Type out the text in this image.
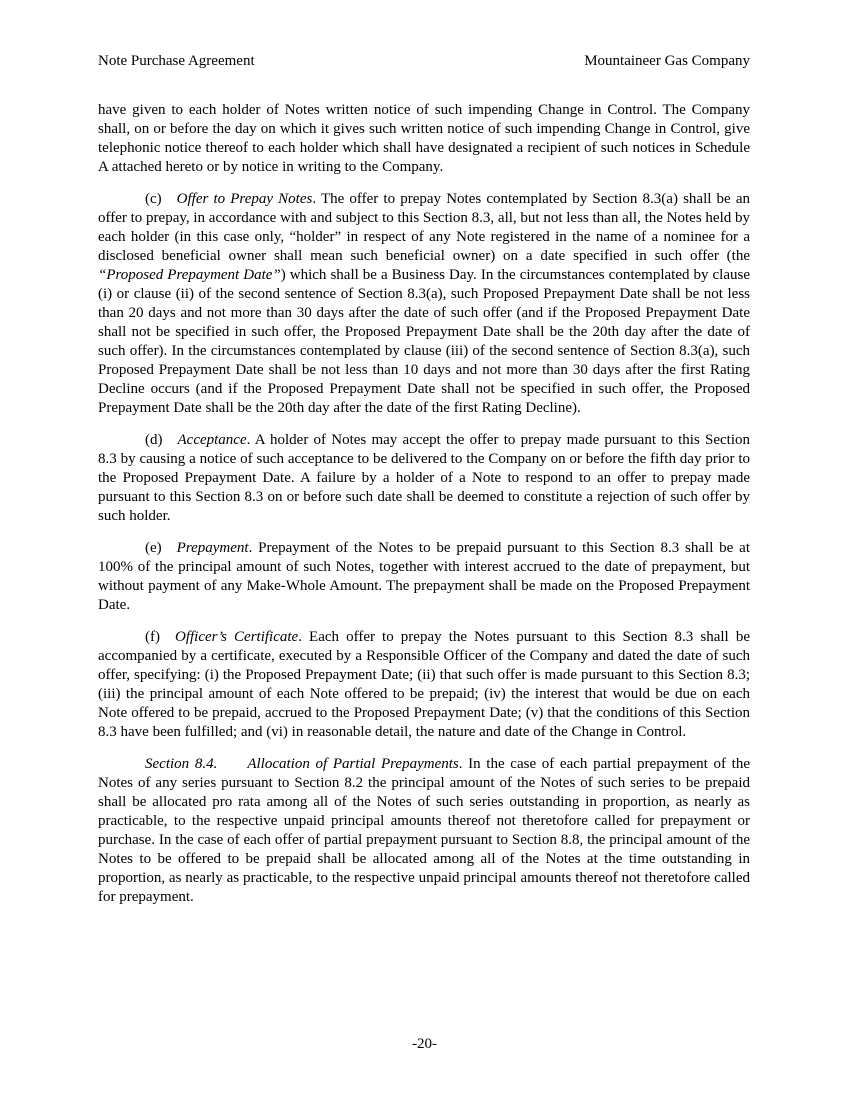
Note Purchase Agreement	Mountaineer Gas Company

have given to each holder of Notes written notice of such impending Change in Control. The Company shall, on or before the day on which it gives such written notice of such impending Change in Control, give telephonic notice thereof to each holder which shall have designated a recipient of such notices in Schedule A attached hereto or by notice in writing to the Company.

(c) Offer to Prepay Notes. The offer to prepay Notes contemplated by Section 8.3(a) shall be an offer to prepay, in accordance with and subject to this Section 8.3, all, but not less than all, the Notes held by each holder (in this case only, “holder” in respect of any Note registered in the name of a nominee for a disclosed beneficial owner shall mean such beneficial owner) on a date specified in such offer (the “Proposed Prepayment Date”) which shall be a Business Day. In the circumstances contemplated by clause (i) or clause (ii) of the second sentence of Section 8.3(a), such Proposed Prepayment Date shall be not less than 20 days and not more than 30 days after the date of such offer (and if the Proposed Prepayment Date shall not be specified in such offer, the Proposed Prepayment Date shall be the 20th day after the date of such offer). In the circumstances contemplated by clause (iii) of the second sentence of Section 8.3(a), such Proposed Prepayment Date shall be not less than 10 days and not more than 30 days after the first Rating Decline occurs (and if the Proposed Prepayment Date shall not be specified in such offer, the Proposed Prepayment Date shall be the 20th day after the date of the first Rating Decline).

(d) Acceptance. A holder of Notes may accept the offer to prepay made pursuant to this Section 8.3 by causing a notice of such acceptance to be delivered to the Company on or before the fifth day prior to the Proposed Prepayment Date. A failure by a holder of a Note to respond to an offer to prepay made pursuant to this Section 8.3 on or before such date shall be deemed to constitute a rejection of such offer by such holder.

(e) Prepayment. Prepayment of the Notes to be prepaid pursuant to this Section 8.3 shall be at 100% of the principal amount of such Notes, together with interest accrued to the date of prepayment, but without payment of any Make-Whole Amount. The prepayment shall be made on the Proposed Prepayment Date.

(f) Officer’s Certificate. Each offer to prepay the Notes pursuant to this Section 8.3 shall be accompanied by a certificate, executed by a Responsible Officer of the Company and dated the date of such offer, specifying: (i) the Proposed Prepayment Date; (ii) that such offer is made pursuant to this Section 8.3; (iii) the principal amount of each Note offered to be prepaid; (iv) the interest that would be due on each Note offered to be prepaid, accrued to the Proposed Prepayment Date; (v) that the conditions of this Section 8.3 have been fulfilled; and (vi) in reasonable detail, the nature and date of the Change in Control.

Section 8.4.   Allocation of Partial Prepayments. In the case of each partial prepayment of the Notes of any series pursuant to Section 8.2 the principal amount of the Notes of such series to be prepaid shall be allocated pro rata among all of the Notes of such series outstanding in proportion, as nearly as practicable, to the respective unpaid principal amounts thereof not theretofore called for prepayment or purchase. In the case of each offer of partial prepayment pursuant to Section 8.8, the principal amount of the Notes to be offered to be prepaid shall be allocated among all of the Notes at the time outstanding in proportion, as nearly as practicable, to the respective unpaid principal amounts thereof not theretofore called for prepayment.

-20-
